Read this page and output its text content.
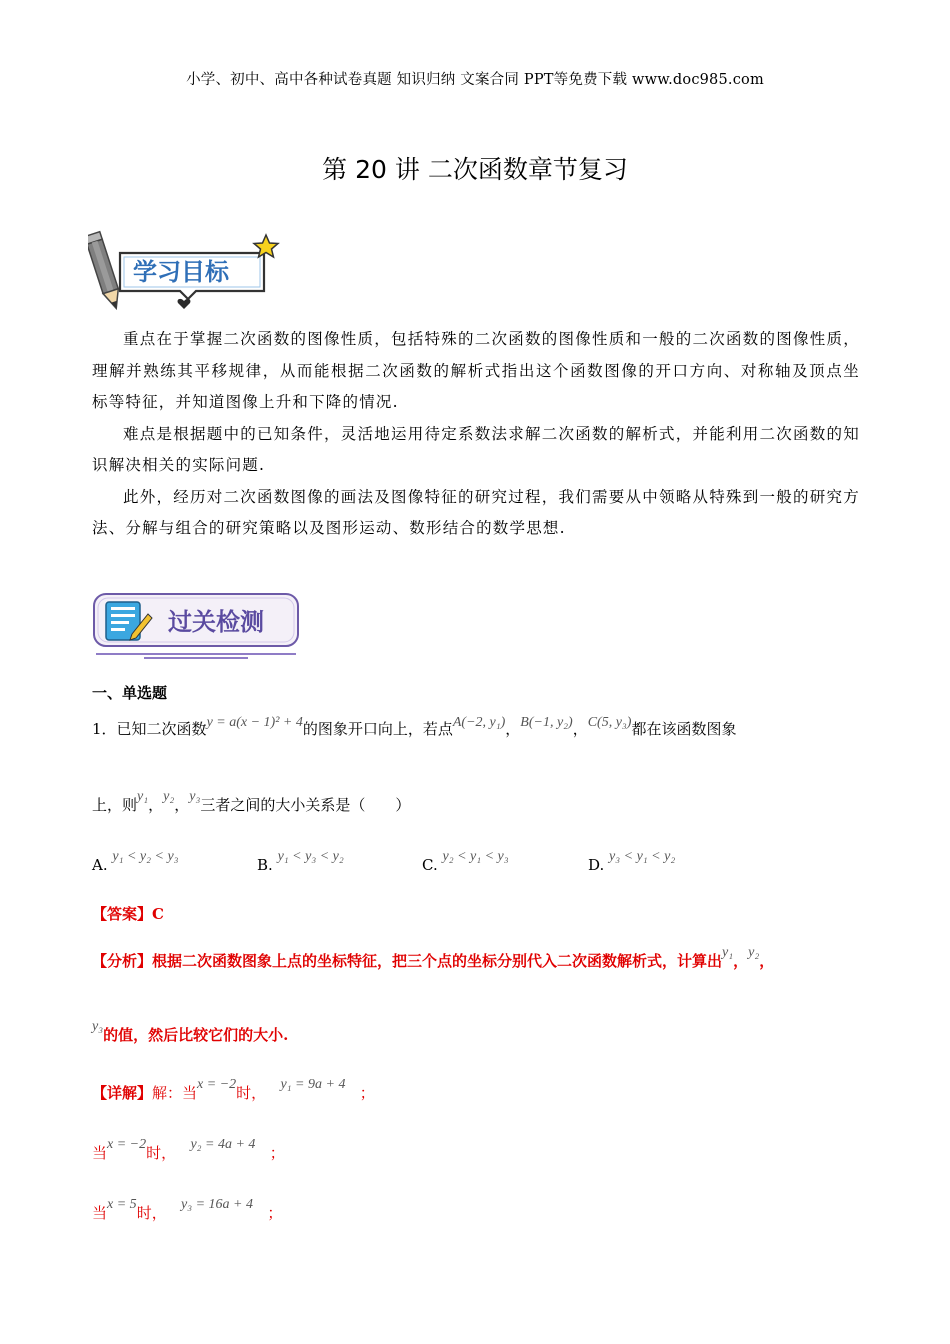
小学、初中、高中各种试卷真题 知识归纳 文案合同 PPT等免费下载 www.doc985.com
第 20 讲 二次函数章节复习
学习目标
重点在于掌握二次函数的图像性质，包括特殊的二次函数的图像性质和一般的二次函数的图像性质，理解并熟练其平移规律，从而能根据二次函数的解析式指出这个函数图像的开口方向、对称轴及顶点坐标等特征，并知道图像上升和下降的情况.
难点是根据题中的已知条件，灵活地运用待定系数法求解二次函数的解析式，并能利用二次函数的知识解决相关的实际问题.
此外，经历对二次函数图像的画法及图像特征的研究过程，我们需要从中领略从特殊到一般的研究方法、分解与组合的研究策略以及图形运动、数形结合的数学思想.
过关检测
一、单选题
1．已知二次函数y = a(x − 1)² + 4的图象开口向上，若点A(−2, y₁)，B(−1, y₂)，C(5, y₃)都在该函数图象
上，则y₁，y₂，y₃三者之间的大小关系是（　　）
A. y₁ < y₂ < y₃	B. y₁ < y₃ < y₂	C. y₂ < y₁ < y₃	D. y₃ < y₁ < y₂
【答案】C
【分析】根据二次函数图象上点的坐标特征，把三个点的坐标分别代入二次函数解析式，计算出y₁，y₂，
y₃的值，然后比较它们的大小.
【详解】解：当x = −2时， y₁ = 9a + 4 ；
当x = −2时， y₂ = 4a + 4 ；
当x = 5时， y₃ = 16a + 4 ；
